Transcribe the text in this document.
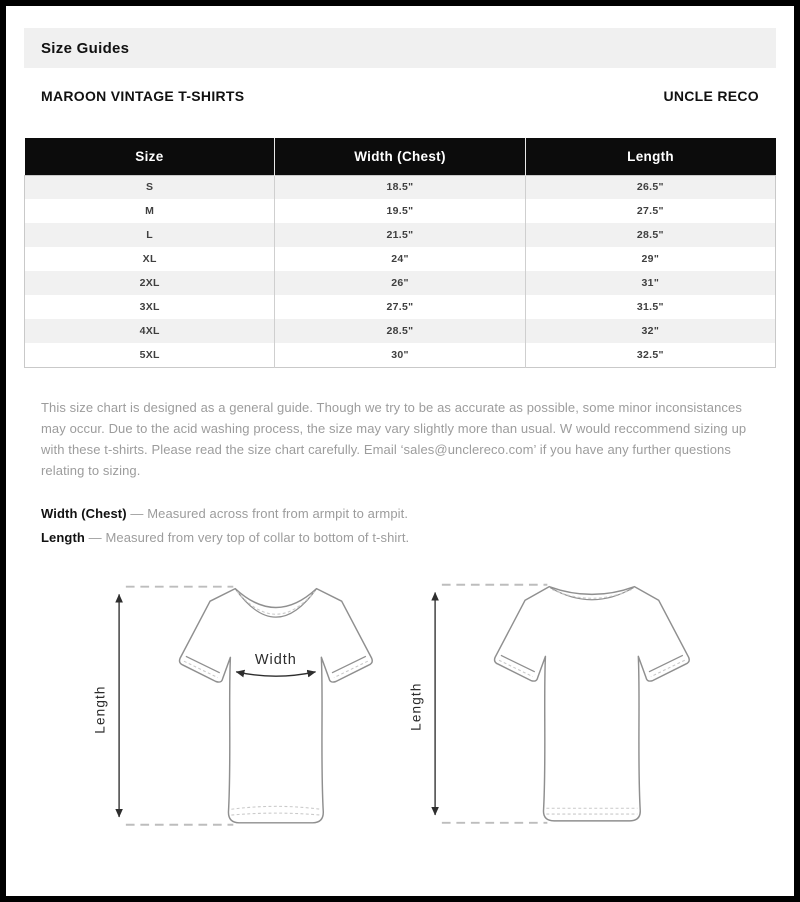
Size Guides
MAROON VINTAGE T-SHIRTS	UNCLE RECO
Size	Width (Chest)	Length
S	18.5"	26.5"
M	19.5"	27.5"
L	21.5"	28.5"
XL	24"	29"
2XL	26"	31"
3XL	27.5"	31.5"
4XL	28.5"	32"
5XL	30"	32.5"

This size chart is designed as a general guide. Though we try to be as accurate as possible, some minor inconsistances may occur. Due to the acid washing process, the size may vary slightly more than usual. W would reccommend sizing up with these t-shirts. Please read the size chart carefully. Email ‘sales@unclereco.com’ if you have any further questions relating to sizing.

Width (Chest) — Measured across front from armpit to armpit.

Length — Measured from very top of collar to bottom of t-shirt.

Width
Length	Length
